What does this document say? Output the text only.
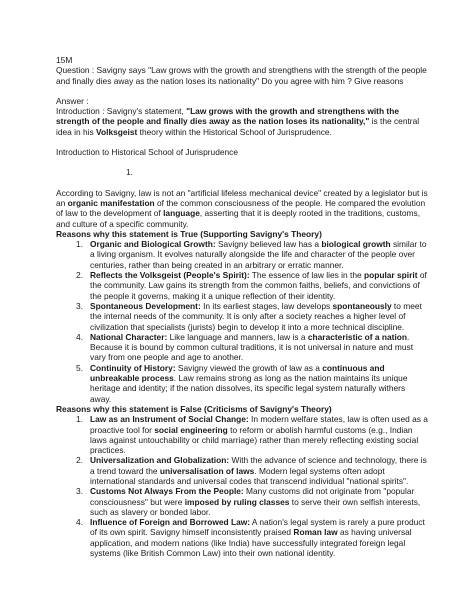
15M

Question : Savigny says "Law grows with the growth and strengthens with the strength of the people and finally dies away as the nation loses its nationality" Do you agree with him ? Give reasons

Answer :

Introduction : Savigny's statement, "Law grows with the growth and strengthens with the strength of the people and finally dies away as the nation loses its nationality," is the central idea in his Volksgeist theory within the Historical School of Jurisprudence.

Introduction to Historical School of Jurisprudence

1.

According to Savigny, law is not an "artificial lifeless mechanical device" created by a legislator but is an organic manifestation of the common consciousness of the people. He compared the evolution of law to the development of language, asserting that it is deeply rooted in the traditions, customs, and culture of a specific community.

Reasons why this statement is True (Supporting Savigny's Theory)

1. Organic and Biological Growth: Savigny believed law has a biological growth similar to a living organism. It evolves naturally alongside the life and character of the people over centuries, rather than being created in an arbitrary or erratic manner.
2. Reflects the Volksgeist (People's Spirit): The essence of law lies in the popular spirit of the community. Law gains its strength from the common faiths, beliefs, and convictions of the people it governs, making it a unique reflection of their identity.
3. Spontaneous Development: In its earliest stages, law develops spontaneously to meet the internal needs of the community. It is only after a society reaches a higher level of civilization that specialists (jurists) begin to develop it into a more technical discipline.
4. National Character: Like language and manners, law is a characteristic of a nation. Because it is bound by common cultural traditions, it is not universal in nature and must vary from one people and age to another.
5. Continuity of History: Savigny viewed the growth of law as a continuous and unbreakable process. Law remains strong as long as the nation maintains its unique heritage and identity; if the nation dissolves, its specific legal system naturally withers away.

Reasons why this statement is False (Criticisms of Savigny's Theory)

1. Law as an Instrument of Social Change: In modern welfare states, law is often used as a proactive tool for social engineering to reform or abolish harmful customs (e.g., Indian laws against untouchability or child marriage) rather than merely reflecting existing social practices.
2. Universalization and Globalization: With the advance of science and technology, there is a trend toward the universalisation of laws. Modern legal systems often adopt international standards and universal codes that transcend individual "national spirits".
3. Customs Not Always From the People: Many customs did not originate from "popular consciousness" but were imposed by ruling classes to serve their own selfish interests, such as slavery or bonded labor.
4. Influence of Foreign and Borrowed Law: A nation's legal system is rarely a pure product of its own spirit. Savigny himself inconsistently praised Roman law as having universal application, and modern nations (like India) have successfully integrated foreign legal systems (like British Common Law) into their own national identity.
